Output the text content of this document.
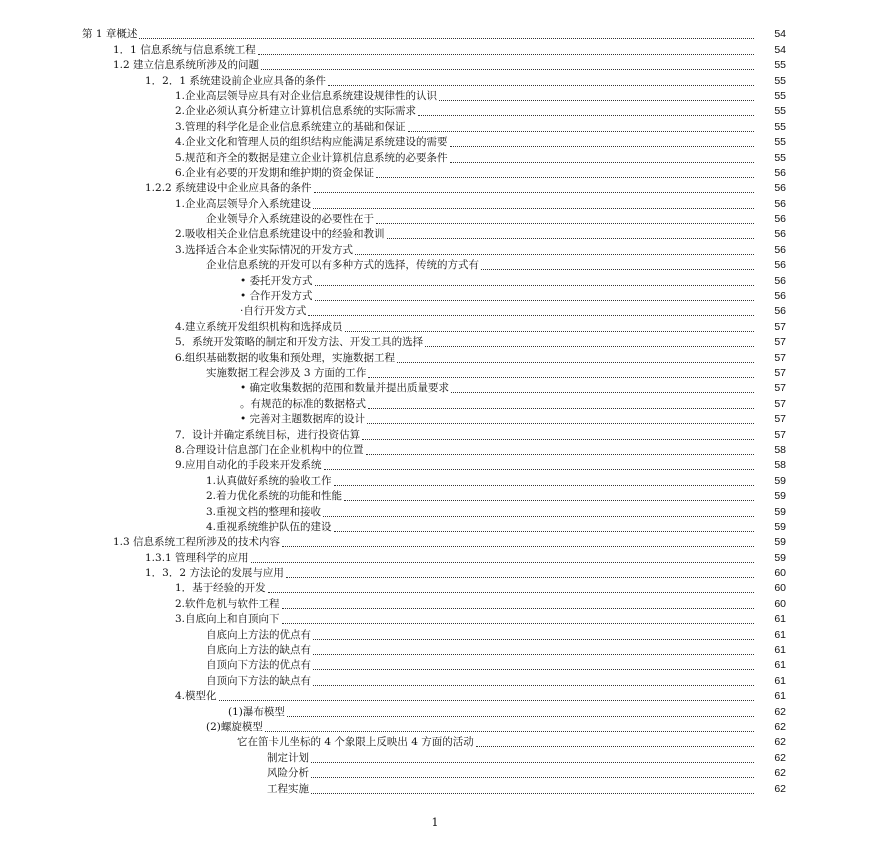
第 1 章概述	54
1．1 信息系统与信息系统工程	54
1.2 建立信息系统所涉及的问题	55
1．2．1 系统建设前企业应具备的条件	55
1.企业高层领导应具有对企业信息系统建设规律性的认识	55
2.企业必须认真分析建立计算机信息系统的实际需求	55
3.管理的科学化是企业信息系统建立的基础和保证	55
4.企业文化和管理人员的组织结构应能满足系统建设的需要	55
5.规范和齐全的数据是建立企业计算机信息系统的必要条件	55
6.企业有必要的开发期和维护期的资金保证	56
1.2.2 系统建设中企业应具备的条件	56
1.企业高层领导介入系统建设	56
企业领导介入系统建设的必要性在于	56
2.吸收相关企业信息系统建设中的经验和教训	56
3.选择适合本企业实际情况的开发方式	56
企业信息系统的开发可以有多种方式的选择，传统的方式有	56
• 委托开发方式	56
• 合作开发方式	56
·自行开发方式	56
4.建立系统开发组织机构和选择成员	57
5．系统开发策略的制定和开发方法、开发工具的选择	57
6.组织基础数据的收集和预处理，实施数据工程	57
实施数据工程会涉及 3 方面的工作	57
• 确定收集数据的范围和数量并提出质量要求	57
。有规范的标准的数据格式	57
• 完善对主题数据库的设计	57
7．设计并确定系统目标，进行投资估算	57
8.合理设计信息部门在企业机构中的位置	58
9.应用自动化的手段来开发系统	58
1.认真做好系统的验收工作	59
2.着力优化系统的功能和性能	59
3.重视文档的整理和接收	59
4.重视系统维护队伍的建设	59
1.3 信息系统工程所涉及的技术内容	59
1.3.1 管理科学的应用	59
1．3．2 方法论的发展与应用	60
1．基于经验的开发	60
2.软件危机与软件工程	60
3.自底向上和自顶向下	61
自底向上方法的优点有	61
自底向上方法的缺点有	61
自顶向下方法的优点有	61
自顶向下方法的缺点有	61
4.模型化	61
(1)瀑布模型	62
(2)螺旋模型	62
它在笛卡儿坐标的 4 个象限上反映出 4 方面的活动	62
制定计划	62
风险分析	62
工程实施	62
1
